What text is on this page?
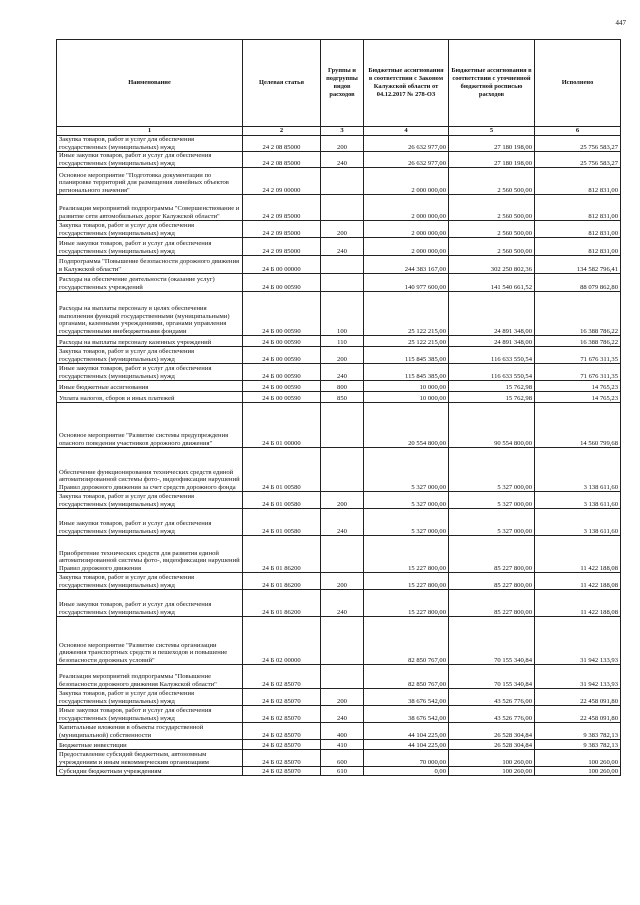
447
Наименование	Целевая статья	Группы и подгруппы видов расходов	Бюджетные ассигнования в соответствии с Законом Калужской области от 04.12.2017 № 278-ОЗ	Бюджетные ассигнования в соответствии с уточненной бюджетной росписью расходов	Исполнено
1	2	3	4	5	6
Закупка товаров, работ и услуг для обеспечения государственных (муниципальных) нужд	24 2 08 85000	200	26 632 977,00	27 180 198,00	25 756 583,27
Иные закупки товаров, работ и услуг для обеспечения государственных (муниципальных) нужд	24 2 08 85000	240	26 632 977,00	27 180 198,00	25 756 583,27
Основное мероприятие "Подготовка документации по планировке территорий для размещения линейных объектов регионального значения"	24 2 09 00000		2 000 000,00	2 560 500,00	812 831,00
Реализация мероприятий подпрограммы "Совершенствование и развитие сети автомобильных дорог Калужской области"	24 2 09 85000		2 000 000,00	2 560 500,00	812 831,00
Закупка товаров, работ и услуг для обеспечения государственных (муниципальных) нужд	24 2 09 85000	200	2 000 000,00	2 560 500,00	812 831,00
Иные закупки товаров, работ и услуг для обеспечения государственных (муниципальных) нужд	24 2 09 85000	240	2 000 000,00	2 560 500,00	812 831,00
Подпрограмма "Повышение безопасности дорожного движения в Калужской области"	24 Б 00 00000		244 383 167,00	302 250 802,36	134 582 796,41
Расходы на обеспечение деятельности (оказание услуг) государственных учреждений	24 Б 00 00590		140 977 600,00	141 540 661,52	88 079 862,80
Расходы на выплаты персоналу в целях обеспечения выполнения функций государственными (муниципальными) органами, казенными учреждениями, органами управления государственными внебюджетными фондами	24 Б 00 00590	100	25 122 215,00	24 891 348,00	16 388 786,22
Расходы на выплаты персоналу казенных учреждений	24 Б 00 00590	110	25 122 215,00	24 891 348,00	16 388 786,22
Закупка товаров, работ и услуг для обеспечения государственных (муниципальных) нужд	24 Б 00 00590	200	115 845 385,00	116 633 550,54	71 676 311,35
Иные закупки товаров, работ и услуг для обеспечения государственных (муниципальных) нужд	24 Б 00 00590	240	115 845 385,00	116 633 550,54	71 676 311,35
Иные бюджетные ассигнования	24 Б 00 00590	800	10 000,00	15 762,98	14 765,23
Уплата налогов, сборов и иных платежей	24 Б 00 00590	850	10 000,00	15 762,98	14 765,23
Основное мероприятие "Развитие системы предупреждения опасного поведения участников дорожного движения"	24 Б 01 00000		20 554 800,00	90 554 800,00	14 560 799,68
Обеспечение функционирования технических средств единой автоматизированной системы фото-, видеофиксации нарушений Правил дорожного движения за счет средств дорожного фонда	24 Б 01 00580		5 327 000,00	5 327 000,00	3 138 611,60
Закупка товаров, работ и услуг для обеспечения государственных (муниципальных) нужд	24 Б 01 00580	200	5 327 000,00	5 327 000,00	3 138 611,60
Иные закупки товаров, работ и услуг для обеспечения государственных (муниципальных) нужд	24 Б 01 00580	240	5 327 000,00	5 327 000,00	3 138 611,60
Приобретение технических средств для развития единой автоматизированной системы фото-, видеофиксации нарушений Правил дорожного движения	24 Б 01 86200		15 227 800,00	85 227 800,00	11 422 188,08
Закупка товаров, работ и услуг для обеспечения государственных (муниципальных) нужд	24 Б 01 86200	200	15 227 800,00	85 227 800,00	11 422 188,08
Иные закупки товаров, работ и услуг для обеспечения государственных (муниципальных) нужд	24 Б 01 86200	240	15 227 800,00	85 227 800,00	11 422 188,08
Основное мероприятие "Развитие системы организации движения транспортных средств и пешеходов и повышение безопасности дорожных условий"	24 Б 02 00000		82 850 767,00	70 155 340,84	31 942 133,93
Реализация мероприятий подпрограммы "Повышение безопасности дорожного движения Калужской области"	24 Б 02 85070		82 850 767,00	70 155 340,84	31 942 133,93
Закупка товаров, работ и услуг для обеспечения государственных (муниципальных) нужд	24 Б 02 85070	200	38 676 542,00	43 526 776,00	22 458 091,80
Иные закупки товаров, работ и услуг для обеспечения государственных (муниципальных) нужд	24 Б 02 85070	240	38 676 542,00	43 526 776,00	22 458 091,80
Капитальные вложения в объекты государственной (муниципальной) собственности	24 Б 02 85070	400	44 104 225,00	26 528 304,84	9 383 782,13
Бюджетные инвестиции	24 Б 02 85070	410	44 104 225,00	26 528 304,84	9 383 782,13
Предоставление субсидий бюджетным, автономным учреждениям и иным некоммерческим организациям	24 Б 02 85070	600	70 000,00	100 260,00	100 260,00
Субсидии бюджетным учреждениям	24 Б 02 85070	610	0,00	100 260,00	100 260,00
